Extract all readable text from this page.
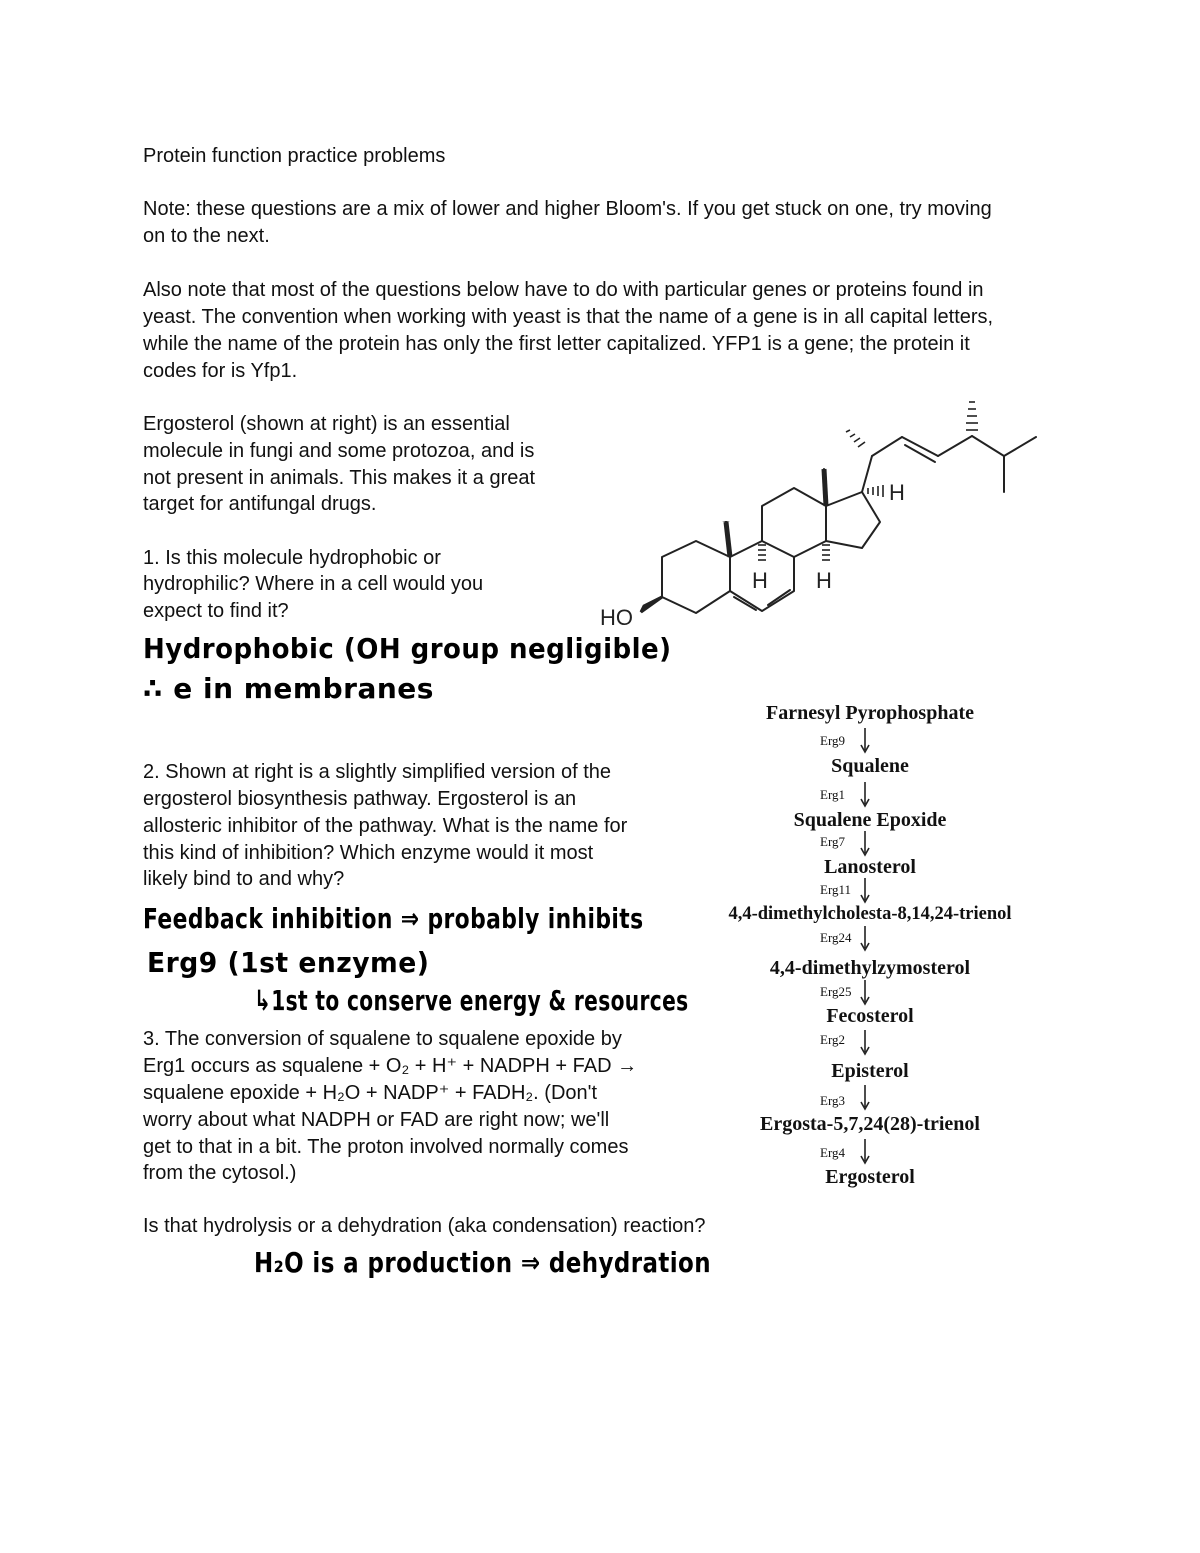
Protein function practice problems

Note: these questions are a mix of lower and higher Bloom's. If you get stuck on one, try moving

on to the next.

Also note that most of the questions below have to do with particular genes or proteins found in

yeast. The convention when working with yeast is that the name of a gene is in all capital letters,

while the name of the protein has only the first letter capitalized. YFP1 is a gene; the protein it

codes for is Yfp1.

Ergosterol (shown at right) is an essential

molecule in fungi and some protozoa, and is

not present in animals. This makes it a great

target for antifungal drugs.

1. Is this molecule hydrophobic or

hydrophilic? Where in a cell would you

expect to find it?

Hydrophobic (OH group negligible)
∴ e in membranes

2. Shown at right is a slightly simplified version of the

ergosterol biosynthesis pathway. Ergosterol is an

allosteric inhibitor of the pathway. What is the name for

this kind of inhibition? Which enzyme would it most

likely bind to and why?

Feedback inhibition ⇒ probably inhibits
Erg9 (1st enzyme)
↳1st to conserve energy & resources

3. The conversion of squalene to squalene epoxide by

Erg1 occurs as squalene + O₂ + H⁺ + NADPH + FAD →

squalene epoxide + H₂O + NADP⁺ + FADH₂. (Don't

worry about what NADPH or FAD are right now; we'll

get to that in a bit. The proton involved normally comes

from the cytosol.)

Is that hydrolysis or a dehydration (aka condensation) reaction?

H₂O is a production ⇒ dehydration
HO
H H
H
Farnesyl Pyrophosphate
Erg9
Squalene
Erg1
Squalene Epoxide
Erg7
Lanosterol
Erg11
4,4-dimethylcholesta-8,14,24-trienol
Erg24
4,4-dimethylzymosterol
Erg25
Fecosterol
Erg2
Episterol
Erg3
Ergosta-5,7,24(28)-trienol
Erg4
Ergosterol
